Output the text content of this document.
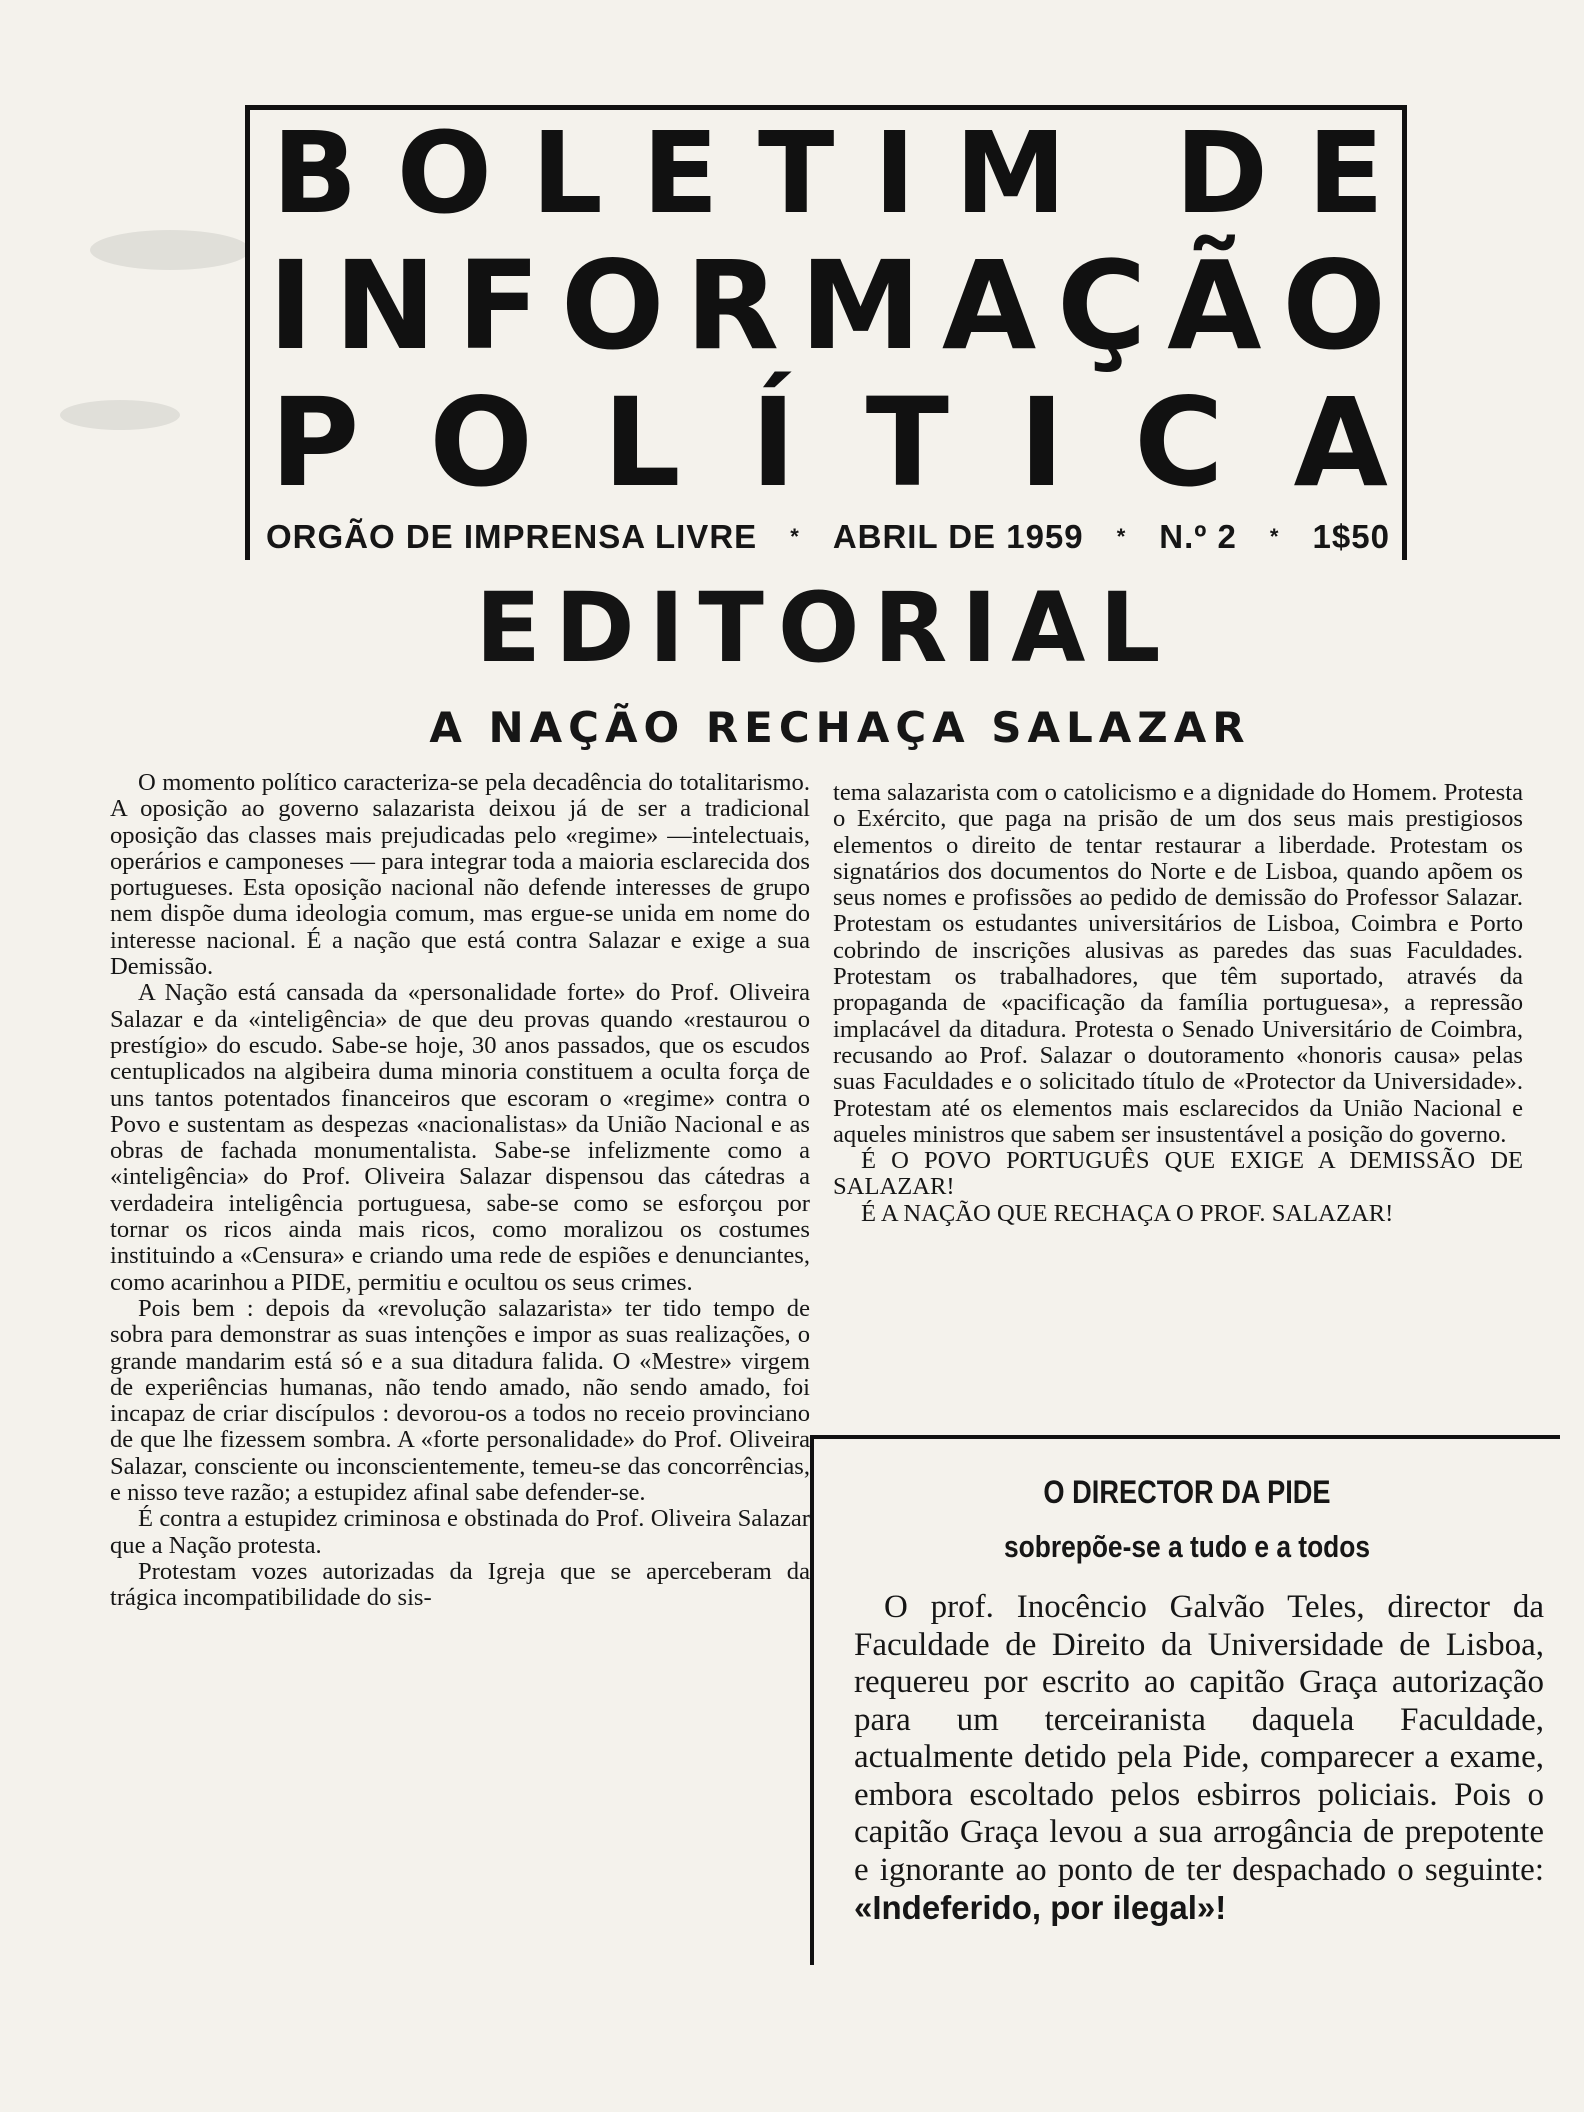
B O L E T I M D E
I N F O R M A Ç Ã O
P O L Í T I C A
ORGÃO DE IMPRENSA LIVRE * ABRIL DE 1959 * N.º 2 * 1$50
EDITORIAL
A NAÇÃO RECHAÇA SALAZAR

O momento político caracteriza-se pela decadência do totalitarismo. A oposição ao governo salazarista deixou já de ser a tradicional oposição das classes mais prejudicadas pelo «regime» —intelectuais, operários e camponeses — para integrar toda a maioria esclarecida dos portugueses. Esta oposição nacional não defende interesses de grupo nem dispõe duma ideologia comum, mas ergue-se unida em nome do interesse nacional. É a nação que está contra Salazar e exige a sua Demissão.

A Nação está cansada da «personalidade forte» do Prof. Oliveira Salazar e da «inteligência» de que deu provas quando «restaurou o prestígio» do escudo. Sabe-se hoje, 30 anos passados, que os escudos centuplicados na algibeira duma minoria constituem a oculta força de uns tantos potentados financeiros que escoram o «regime» contra o Povo e sustentam as despezas «nacionalistas» da União Nacional e as obras de fachada monumentalista. Sabe-se infelizmente como a «inteligência» do Prof. Oliveira Salazar dispensou das cátedras a verdadeira inteligência portuguesa, sabe-se como se esforçou por tornar os ricos ainda mais ricos, como moralizou os costumes instituindo a «Censura» e criando uma rede de espiões e denunciantes, como acarinhou a PIDE, permitiu e ocultou os seus crimes.

Pois bem : depois da «revolução salazarista» ter tido tempo de sobra para demonstrar as suas intenções e impor as suas realizações, o grande mandarim está só e a sua ditadura falida. O «Mestre» virgem de experiências humanas, não tendo amado, não sendo amado, foi incapaz de criar discípulos : devorou-os a todos no receio provinciano de que lhe fizessem sombra. A «forte personalidade» do Prof. Oliveira Salazar, consciente ou inconscientemente, temeu-se das concorrências, e nisso teve razão; a estupidez afinal sabe defender-se.

É contra a estupidez criminosa e obstinada do Prof. Oliveira Salazar que a Nação protesta.

Protestam vozes autorizadas da Igreja que se aperceberam da trágica incompatibilidade do sis-

tema salazarista com o catolicismo e a dignidade do Homem. Protesta o Exército, que paga na prisão de um dos seus mais prestigiosos elementos o direito de tentar restaurar a liberdade. Protestam os signatários dos documentos do Norte e de Lisboa, quando apõem os seus nomes e profissões ao pedido de demissão do Professor Salazar. Protestam os estudantes universitários de Lisboa, Coimbra e Porto cobrindo de inscrições alusivas as paredes das suas Faculdades. Protestam os trabalhadores, que têm suportado, através da propaganda de «pacificação da família portuguesa», a repressão implacável da ditadura. Protesta o Senado Universitário de Coimbra, recusando ao Prof. Salazar o doutoramento «honoris causa» pelas suas Faculdades e o solicitado título de «Protector da Universidade». Protestam até os elementos mais esclarecidos da União Nacional e aqueles ministros que sabem ser insustentável a posição do governo.

É O POVO PORTUGUÊS QUE EXIGE A DEMISSÃO DE SALAZAR!

É A NAÇÃO QUE RECHAÇA O PROF. SALAZAR!

O DIRECTOR DA PIDE
sobrepõe-se a tudo e a todos

O prof. Inocêncio Galvão Teles, director da Faculdade de Direito da Universidade de Lisboa, requereu por escrito ao capitão Graça autorização para um terceiranista daquela Faculdade, actualmente detido pela Pide, comparecer a exame, embora escoltado pelos esbirros policiais. Pois o capitão Graça levou a sua arrogância de prepotente e ignorante ao ponto de ter despachado o seguinte: «Indeferido, por ilegal»!
